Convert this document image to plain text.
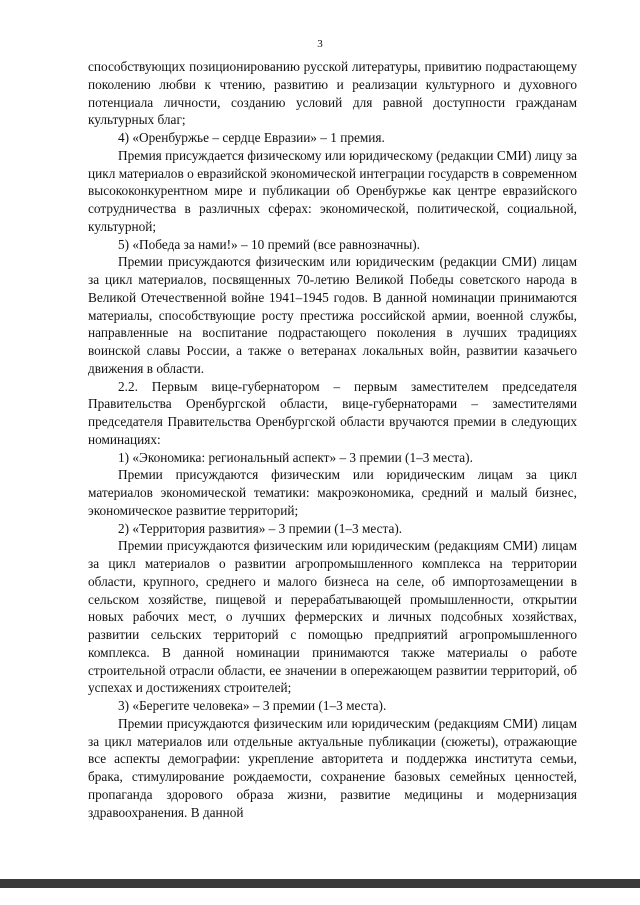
3

способствующих позиционированию русской литературы, привитию подрастающему поколению любви к чтению, развитию и реализации культурного и духовного потенциала личности, созданию условий для равной доступности гражданам культурных благ;

4) «Оренбуржье – сердце Евразии» – 1 премия.

Премия присуждается физическому или юридическому (редакции СМИ) лицу за цикл материалов о евразийской экономической интеграции государств в современном высококонкурентном мире и публикации об Оренбуржье как центре евразийского сотрудничества в различных сферах: экономической, политической, социальной, культурной;

5) «Победа за нами!» – 10 премий (все равнозначны).

Премии присуждаются физическим или юридическим (редакции СМИ) лицам за цикл материалов, посвященных 70-летию Великой Победы советского народа в Великой Отечественной войне 1941–1945 годов. В данной номинации принимаются материалы, способствующие росту престижа российской армии, военной службы, направленные на воспитание подрастающего поколения в лучших традициях воинской славы России, а также о ветеранах локальных войн, развитии казачьего движения в области.

2.2. Первым вице-губернатором – первым заместителем председателя Правительства Оренбургской области, вице-губернаторами – заместителями председателя Правительства Оренбургской области вручаются премии в следующих номинациях:

1) «Экономика: региональный аспект» – 3 премии (1–3 места).

Премии присуждаются физическим или юридическим лицам за цикл материалов экономической тематики: макроэкономика, средний и малый бизнес, экономическое развитие территорий;

2) «Территория развития» – 3 премии (1–3 места).

Премии присуждаются физическим или юридическим (редакциям СМИ) лицам за цикл материалов о развитии агропромышленного комплекса на территории области, крупного, среднего и малого бизнеса на селе, об импортозамещении в сельском хозяйстве, пищевой и перерабатывающей промышленности, открытии новых рабочих мест, о лучших фермерских и личных подсобных хозяйствах, развитии сельских территорий с помощью предприятий агропромышленного комплекса. В данной номинации принимаются также материалы о работе строительной отрасли области, ее значении в опережающем развитии территорий, об успехах и достижениях строителей;

3) «Берегите человека» – 3 премии (1–3 места).

Премии присуждаются физическим или юридическим (редакциям СМИ) лицам за цикл материалов или отдельные актуальные публикации (сюжеты), отражающие все аспекты демографии: укрепление авторитета и поддержка института семьи, брака, стимулирование рождаемости, сохранение базовых семейных ценностей, пропаганда здорового образа жизни, развитие медицины и модернизация здравоохранения. В данной
